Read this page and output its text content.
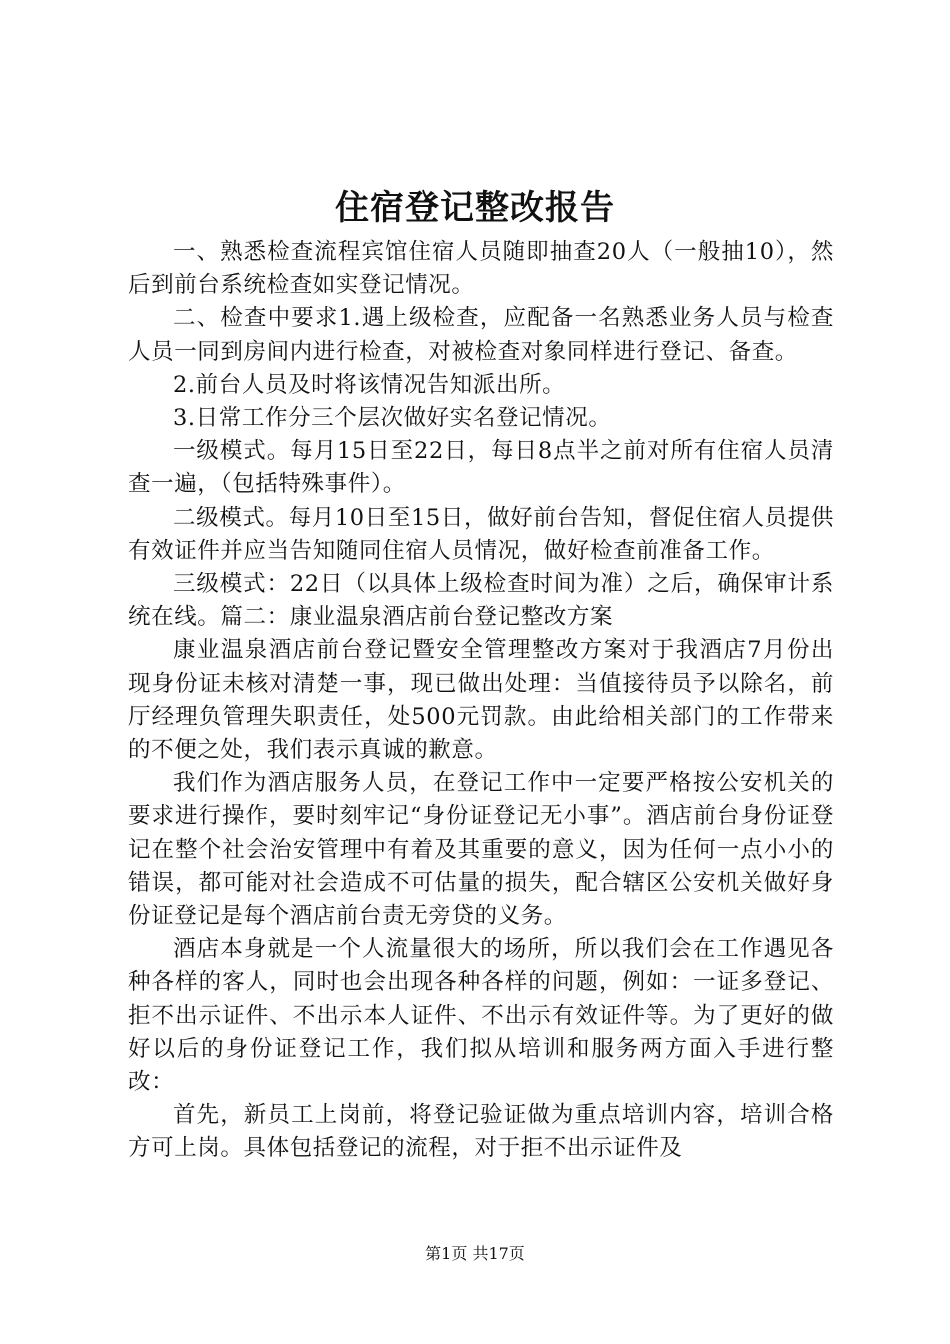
住宿登记整改报告

一、熟悉检查流程宾馆住宿人员随即抽查20人（一般抽10），然后到前台系统检查如实登记情况。

二、检查中要求1.遇上级检查，应配备一名熟悉业务人员与检查人员一同到房间内进行检查，对被检查对象同样进行登记、备查。

2.前台人员及时将该情况告知派出所。

3.日常工作分三个层次做好实名登记情况。

一级模式。每月15日至22日，每日8点半之前对所有住宿人员清查一遍，（包括特殊事件）。

二级模式。每月10日至15日，做好前台告知，督促住宿人员提供有效证件并应当告知随同住宿人员情况，做好检查前准备工作。

三级模式：22日（以具体上级检查时间为准）之后，确保审计系统在线。篇二：康业温泉酒店前台登记整改方案

康业温泉酒店前台登记暨安全管理整改方案对于我酒店7月份出现身份证未核对清楚一事，现已做出处理：当值接待员予以除名，前厅经理负管理失职责任，处500元罚款。由此给相关部门的工作带来的不便之处，我们表示真诚的歉意。

我们作为酒店服务人员，在登记工作中一定要严格按公安机关的要求进行操作，要时刻牢记“身份证登记无小事”。酒店前台身份证登记在整个社会治安管理中有着及其重要的意义，因为任何一点小小的错误，都可能对社会造成不可估量的损失，配合辖区公安机关做好身份证登记是每个酒店前台责无旁贷的义务。

酒店本身就是一个人流量很大的场所，所以我们会在工作遇见各种各样的客人，同时也会出现各种各样的问题，例如：一证多登记、拒不出示证件、不出示本人证件、不出示有效证件等。为了更好的做好以后的身份证登记工作，我们拟从培训和服务两方面入手进行整改：

首先，新员工上岗前，将登记验证做为重点培训内容，培训合格方可上岗。具体包括登记的流程，对于拒不出示证件及

第1页 共17页
